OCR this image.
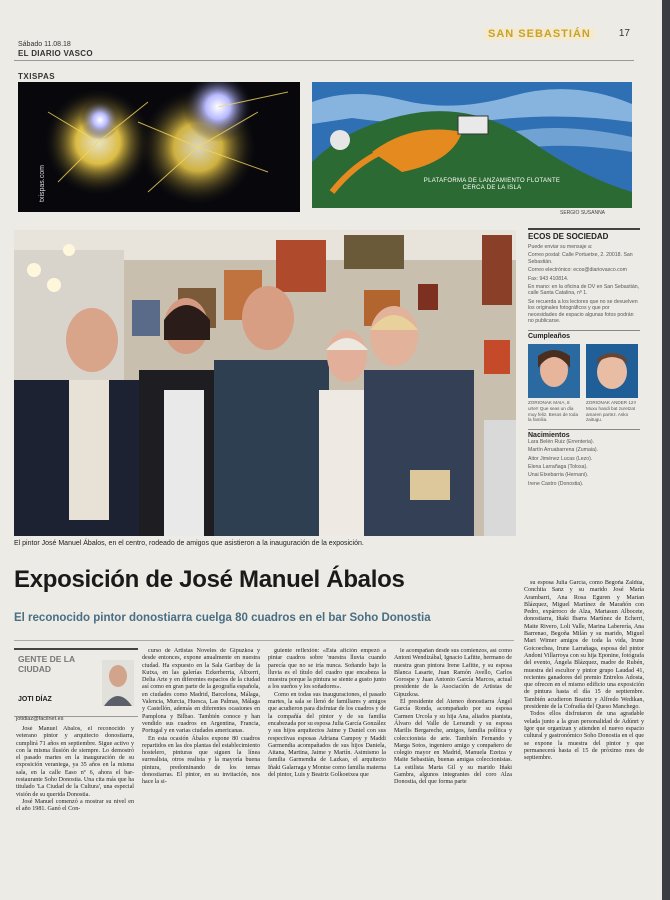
Sábado 11.08.18
EL DIARIO VASCO
SAN SEBASTIÁN	17
TXISPAS
txispas.com	PLATAFORMA DE LANZAMIENTO FLOTANTE CERCA DE LA ISLA
SERGIO SUSANNA
El pintor José Manuel Ábalos, en el centro, rodeado de amigos que asistieron a la inauguración de la exposición.
ECOS DE SOCIEDAD

Puede enviar su mensaje a:

Correo postal: Calle Portuetxe, 2. 20018. San Sebastián.

Correo electrónico: ecos@diariovasco.com

Fax: 943 410814.

En mano: en la oficina de DV en San Sebastián, calle Santa Catalina, nº 1.

Se recuerda a los lectores que no se devuelven los originales fotográficos y que por necesidades de espacio algunas fotos podrán no publicarse.

Cumpleaños
ZORIONAK MAIA, 8 urte!! Que seas un día muy feliz. Besos de toda la familia.
ZORIONAK ANDER 12!! Muxu handi bat zuretzat amaren partez. Asko zaitugu.
Nacimientos

Lara Belén Ruiz (Errenteria).

Martín Arruabarrena (Zumaia).

Aitor Jiménez Lucas (Lezo).

Elena Larrañaga (Tolosa).

Unai Etxebarria (Hernani).

Irene Castro (Donostia).

Exposición de José Manuel Ábalos
El reconocido pintor donostiarra cuelga 80 cuadros en el bar Soho Donostia
GENTE DE LA CIUDAD
JOTI DÍAZ
jotidiaz@facilnet.es

José Manuel Ábalos, el reconocido y veterano pintor y arquitecto donostiarra, cumplirá 71 años en septiembre. Sigue activo y con la misma ilusión de siempre. Lo demostró el pasado martes en la inauguración de su exposición veraniega, ya 35 años en la misma sala, en la calle Easo nº 6, ahora el bar-restaurante Soho Donostia. Una cita más que ha titulado 'La Ciudad de la Cultura', una especial visión de su querida Donostia.

José Manuel comenzó a mostrar su nivel en el año 1981. Ganó el Con-

curso de Artistas Noveles de Gipuzkoa y desde entonces, expone anualmente en nuestra ciudad. Ha expuesto en la Sala Garibay de la Kutxa, en las galerías Ezkerberria, Altxerri, Delta Arte y en diferentes espacios de la ciudad así como en gran parte de la geografía española, en ciudades como Madrid, Barcelona, Málaga, Valencia, Murcia, Huesca, Las Palmas, Málaga y Castellón, además en diferentes ocasiones en Pamplona y Bilbao. También conoce y han vendido sus cuadros en Argentina, Francia, Portugal y en varias ciudades americanas.

En esta ocasión Ábalos expone 80 cuadros repartidos en las dos plantas del establecimiento hostelero, pinturas que siguen la línea surrealista, otros realista y la mayoría buena pintura, predominando de los temas donostiarras. El pintor, en su invitación, nos hace la si-

guiente reflexión: «Esta afición empezó a pintar cuadros sobre 'nuestra lluvia cuando parecía que no se iría nunca. Soñando bajo la lluvia es el título del cuadro que encabeza la muestra porque la pintura se siente a gusto junto a los sueños y los soñadores».

Como en todas sus inauguraciones, el pasado martes, la sala se llenó de familiares y amigos que acudieron para disfrutar de los cuadros y de la compañía del pintor y de su familia encabezada por su esposa Julia García González y sus hijos arquitectos Jaime y Daniel con sus respectivas esposas Adriana Campoy y Maddi Garmendia acompañados de sus hijos Daniela, Aitana, Martina, Jaime y Martín. Asimismo la familia Garmendia de Lazkao, el arquitecto Iñaki Galarraga y Montse como familia materna del pintor, Luis y Beatriz Golkoetxea que

le acompañan desde sus comienzos, así como Antoni Wendizábal, Ignacio Lafitte, hermano de nuestra gran pintora Irene Lafitte, y su esposa Blanca Lasarte, Juan Ramón Avello, Carlos Gorospe y Juan Antonio García Marcos, actual presidente de la Asociación de Artistas de Gipuzkoa.

El presidente del Ateneo donostiarra Ángel García Ronda, acompañado por su esposa Carmen Urcola y su hija Ana, aliados pianista, Álvaro del Valle de Lersundi y su esposa Marilis Bergareche, amigos, familia política y coleccionista de arte. También Fernando y Marga Sotos, ingeniero amigo y compañero de colegio mayor en Madrid, Manuela Ezeiza y Maite Sebastián, buenas amigas coleccionistas. La estilista Marta Gil y su marido Iñaki Gambra, algunos integrantes del coro Alza Donostia, del que forma parte

su esposa Julia García, como Begoña Zaldúa, Conchita Sanz y su marido José María Arambarri, Ana Rosa Eguren y Marian Blázquez, Miguel Martínez de Marañón con Pedro, expárroco de Alza, Martasun Albocete, donostiarra, Iñaki Ibarra Martínez de Echerri, Maite Rivero, Loli Valle, Marina Laberería, Ana Barrenao, Begoña Milán y su marido, Miguel Mari Wimer amigos de toda la vida, Irune Goicoechea, Irune Larrañaga, esposa del pintor Andoni Villarroya con su hija Eponine, fotógrafa del evento, Ángela Blázquez, madre de Rubén, muestra del escultor y pintor grupo Laudad 41, recientes ganadores del premio Entrelos Adosta, que ofrecen en el mismo edificio una exposición de pintura hasta el día 15 de septiembre. También acudieron Beatriz y Alfredo Wedikan, presidente de la Cofradía del Queso Manchego.

Todos ellos disfrutaron de una agradable velada junto a la gran personalidad de Adúnrt y Igor que organizan y atienden el nuevo espacio cultural y gastronómico Soho Donostia en el que se expone la muestra del pintor y que permanecerá hasta el 15 de próximo mes de septiembre.
